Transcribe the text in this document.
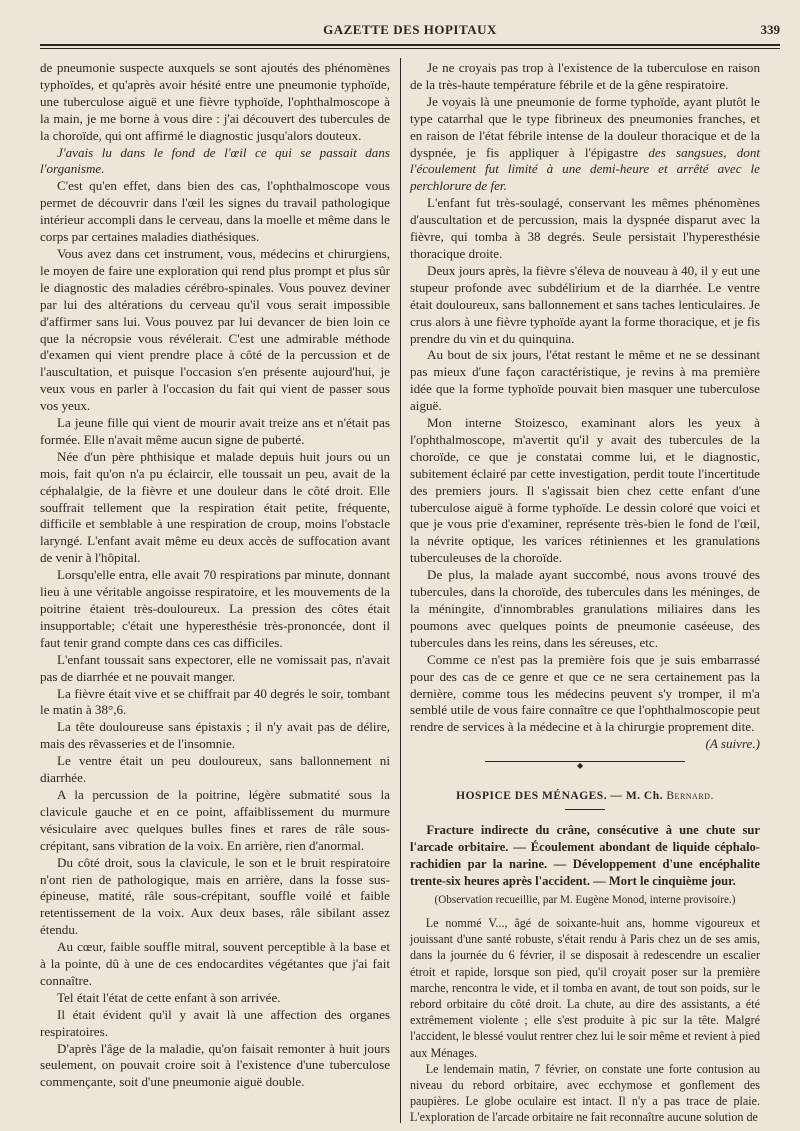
GAZETTE DES HOPITAUX	339

de pneumonie suspecte auxquels se sont ajoutés des phénomènes typhoïdes, et qu'après avoir hésité entre une pneumonie typhoïde, une tuberculose aiguë et une fièvre typhoïde, l'ophthalmoscope à la main, je me borne à vous dire : j'ai découvert des tubercules de la choroïde, qui ont affirmé le diagnostic jusqu'alors douteux.

J'avais lu dans le fond de l'œil ce qui se passait dans l'organisme.

C'est qu'en effet, dans bien des cas, l'ophthalmoscope vous permet de découvrir dans l'œil les signes du travail pathologique intérieur accompli dans le cerveau, dans la moelle et même dans le corps par certaines maladies diathésiques.

Vous avez dans cet instrument, vous, médecins et chirurgiens, le moyen de faire une exploration qui rend plus prompt et plus sûr le diagnostic des maladies cérébro-spinales. Vous pouvez deviner par lui des altérations du cerveau qu'il vous serait impossible d'affirmer sans lui. Vous pouvez par lui devancer de bien loin ce que la nécropsie vous révélerait. C'est une admirable méthode d'examen qui vient prendre place à côté de la percussion et de l'auscultation, et puisque l'occasion s'en présente aujourd'hui, je veux vous en parler à l'occasion du fait qui vient de passer sous vos yeux.

La jeune fille qui vient de mourir avait treize ans et n'était pas formée. Elle n'avait même aucun signe de puberté.

Née d'un père phthisique et malade depuis huit jours ou un mois, fait qu'on n'a pu éclaircir, elle toussait un peu, avait de la céphalalgie, de la fièvre et une douleur dans le côté droit. Elle souffrait tellement que la respiration était petite, fréquente, difficile et semblable à une respiration de croup, moins l'obstacle laryngé. L'enfant avait même eu deux accès de suffocation avant de venir à l'hôpital.

Lorsqu'elle entra, elle avait 70 respirations par minute, donnant lieu à une véritable angoisse respiratoire, et les mouvements de la poitrine étaient très-douloureux. La pression des côtes était insupportable; c'était une hyperesthésie très-prononcée, dont il faut tenir grand compte dans ces cas difficiles.

L'enfant toussait sans expectorer, elle ne vomissait pas, n'avait pas de diarrhée et ne pouvait manger.

La fièvre était vive et se chiffrait par 40 degrés le soir, tombant le matin à 38°,6.

La tête douloureuse sans épistaxis ; il n'y avait pas de délire, mais des rêvasseries et de l'insomnie.

Le ventre était un peu douloureux, sans ballonnement ni diarrhée.

A la percussion de la poitrine, légère submatité sous la clavicule gauche et en ce point, affaiblissement du murmure vésiculaire avec quelques bulles fines et rares de râle sous-crépitant, sans vibration de la voix. En arrière, rien d'anormal.

Du côté droit, sous la clavicule, le son et le bruit respiratoire n'ont rien de pathologique, mais en arrière, dans la fosse sus-épineuse, matité, râle sous-crépitant, souffle voilé et faible retentissement de la voix. Aux deux bases, râle sibilant assez étendu.

Au cœur, faible souffle mitral, souvent perceptible à la base et à la pointe, dû à une de ces endocardites végétantes que j'ai fait connaître.

Tel était l'état de cette enfant à son arrivée.

Il était évident qu'il y avait là une affection des organes respiratoires.

D'après l'âge de la maladie, qu'on faisait remonter à huit jours seulement, on pouvait croire soit à l'existence d'une tuberculose commençante, soit d'une pneumonie aiguë double.

Je ne croyais pas trop à l'existence de la tuberculose en raison de la très-haute température fébrile et de la gêne respiratoire.

Je voyais là une pneumonie de forme typhoïde, ayant plutôt le type catarrhal que le type fibrineux des pneumonies franches, et en raison de l'état fébrile intense de la douleur thoracique et de la dyspnée, je fis appliquer à l'épigastre des sangsues, dont l'écoulement fut limité à une demi-heure et arrêté avec le perchlorure de fer.

L'enfant fut très-soulagé, conservant les mêmes phénomènes d'auscultation et de percussion, mais la dyspnée disparut avec la fièvre, qui tomba à 38 degrés. Seule persistait l'hyperesthésie thoracique droite.

Deux jours après, la fièvre s'éleva de nouveau à 40, il y eut une stupeur profonde avec subdélirium et de la diarrhée. Le ventre était douloureux, sans ballonnement et sans taches lenticulaires. Je crus alors à une fièvre typhoïde ayant la forme thoracique, et je fis prendre du vin et du quinquina.

Au bout de six jours, l'état restant le même et ne se dessinant pas mieux d'une façon caractéristique, je revins à ma première idée que la forme typhoïde pouvait bien masquer une tuberculose aiguë.

Mon interne Stoizesco, examinant alors les yeux à l'ophthalmoscope, m'avertit qu'il y avait des tubercules de la choroïde, ce que je constatai comme lui, et le diagnostic, subitement éclairé par cette investigation, perdit toute l'incertitude des premiers jours. Il s'agissait bien chez cette enfant d'une tuberculose aiguë à forme typhoïde. Le dessin coloré que voici et que je vous prie d'examiner, représente très-bien le fond de l'œil, la névrite optique, les varices rétiniennes et les granulations tuberculeuses de la choroïde.

De plus, la malade ayant succombé, nous avons trouvé des tubercules, dans la choroïde, des tubercules dans les méninges, de la méningite, d'innombrables granulations miliaires dans les poumons avec quelques points de pneumonie caséeuse, des tubercules dans les reins, dans les séreuses, etc.

Comme ce n'est pas la première fois que je suis embarrassé pour des cas de ce genre et que ce ne sera certainement pas la dernière, comme tous les médecins peuvent s'y tromper, il m'a semblé utile de vous faire connaître ce que l'ophthalmoscopie peut rendre de services à la médecine et à la chirurgie proprement dite.

(A suivre.)

◆
HOSPICE DES MÉNAGES. — M. Ch. Bernard.

Fracture indirecte du crâne, consécutive à une chute sur l'arcade orbitaire. — Écoulement abondant de liquide céphalo-rachidien par la narine. — Développement d'une encéphalite trente-six heures après l'accident. — Mort le cinquième jour.

(Observation recueillie, par M. Eugène Monod, interne provisoire.)

Le nommé V..., âgé de soixante-huit ans, homme vigoureux et jouissant d'une santé robuste, s'était rendu à Paris chez un de ses amis, dans la journée du 6 février, il se disposait à redescendre un escalier étroit et rapide, lorsque son pied, qu'il croyait poser sur la première marche, rencontra le vide, et il tomba en avant, de tout son poids, sur le rebord orbitaire du côté droit. La chute, au dire des assistants, a été extrêmement violente ; elle s'est produite à pic sur la tête. Malgré l'accident, le blessé voulut rentrer chez lui le soir même et revient à pied aux Ménages.

Le lendemain matin, 7 février, on constate une forte contusion au niveau du rebord orbitaire, avec ecchymose et gonflement des paupières. Le globe oculaire est intact. Il n'y a pas trace de plaie. L'exploration de l'arcade orbitaire ne fait reconnaître aucune solution de
